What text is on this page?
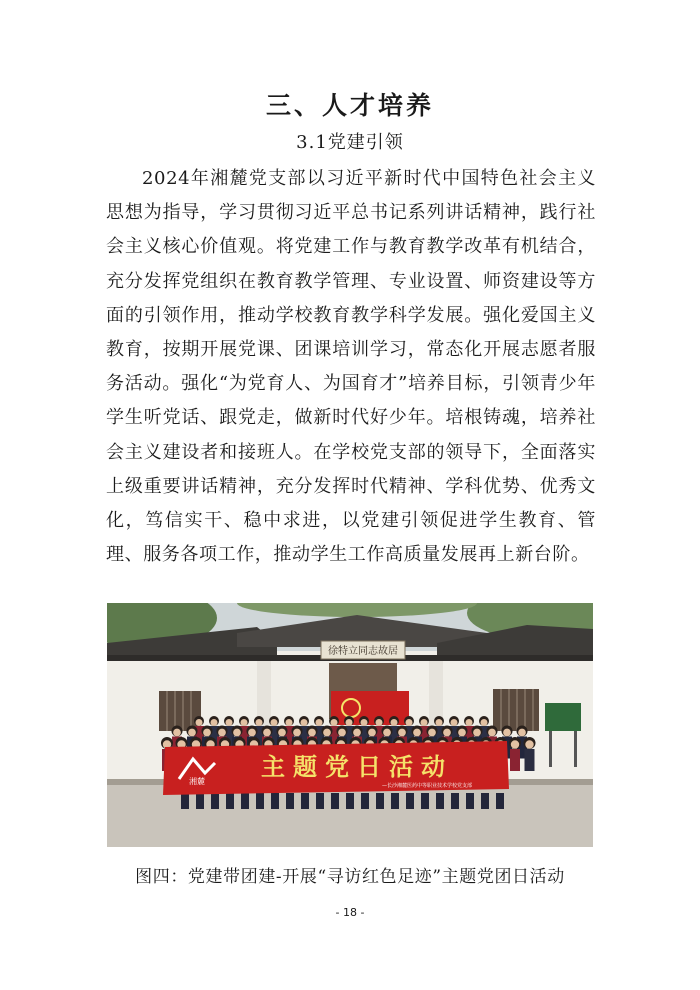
三、人才培养
3.1党建引领

2024年湘麓党支部以习近平新时代中国特色社会主义思想为指导，学习贯彻习近平总书记系列讲话精神，践行社会主义核心价值观。将党建工作与教育教学改革有机结合，充分发挥党组织在教育教学管理、专业设置、师资建设等方面的引领作用，推动学校教育教学科学发展。强化爱国主义教育，按期开展党课、团课培训学习，常态化开展志愿者服务活动。强化“为党育人、为国育才”培养目标，引领青少年学生听党话、跟党走，做新时代好少年。培根铸魂，培养社会主义建设者和接班人。在学校党支部的领导下，全面落实上级重要讲话精神，充分发挥时代精神、学科优势、优秀文化，笃信实干、稳中求进，以党建引领促进学生教育、管理、服务各项工作，推动学生工作高质量发展再上新台阶。

徐特立同志故居
湘麓
主题党日活动
—长沙湘麓医药中等职业技术学校党支部
图四：党建带团建-开展“寻访红色足迹”主题党团日活动
- 18 -
